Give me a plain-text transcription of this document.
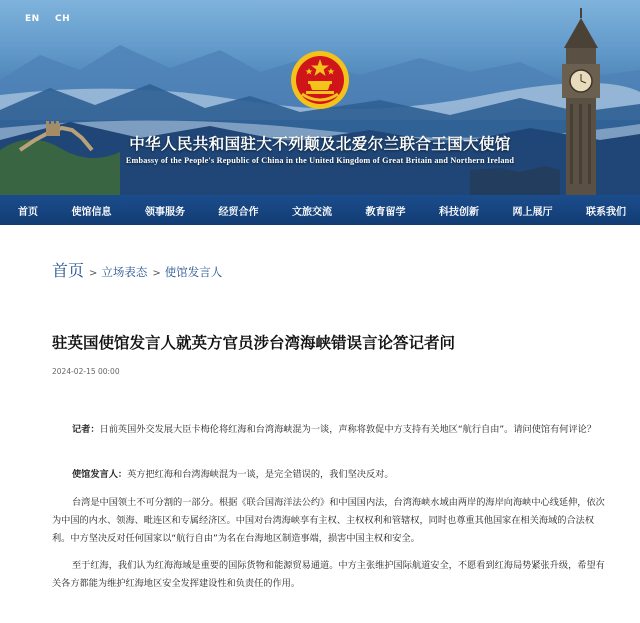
EN CH
中华人民共和国驻大不列颠及北爱尔兰联合王国大使馆
Embassy of the People's Republic of China in the United Kingdom of Great Britain and Northern Ireland
首页	使馆信息	领事服务	经贸合作	文旅交流	教育留学	科技创新	网上展厅	联系我们
首页 > 立场表态 > 使馆发言人
驻英国使馆发言人就英方官员涉台湾海峡错误言论答记者问
2024-02-15 00:00

记者：日前英国外交发展大臣卡梅伦将红海和台湾海峡混为一谈，声称将敦促中方支持有关地区“航行自由”。请问使馆有何评论？

使馆发言人：英方把红海和台湾海峡混为一谈，是完全错误的，我们坚决反对。

台湾是中国领土不可分割的一部分。根据《联合国海洋法公约》和中国国内法，台湾海峡水域由两岸的海岸向海峡中心线延伸，依次为中国的内水、领海、毗连区和专属经济区。中国对台湾海峡享有主权、主权权利和管辖权，同时也尊重其他国家在相关海域的合法权利。中方坚决反对任何国家以“航行自由”为名在台海地区制造事端，损害中国主权和安全。

至于红海，我们认为红海海域是重要的国际货物和能源贸易通道。中方主张维护国际航道安全，不愿看到红海局势紧张升级，希望有关各方都能为维护红海地区安全发挥建设性和负责任的作用。
